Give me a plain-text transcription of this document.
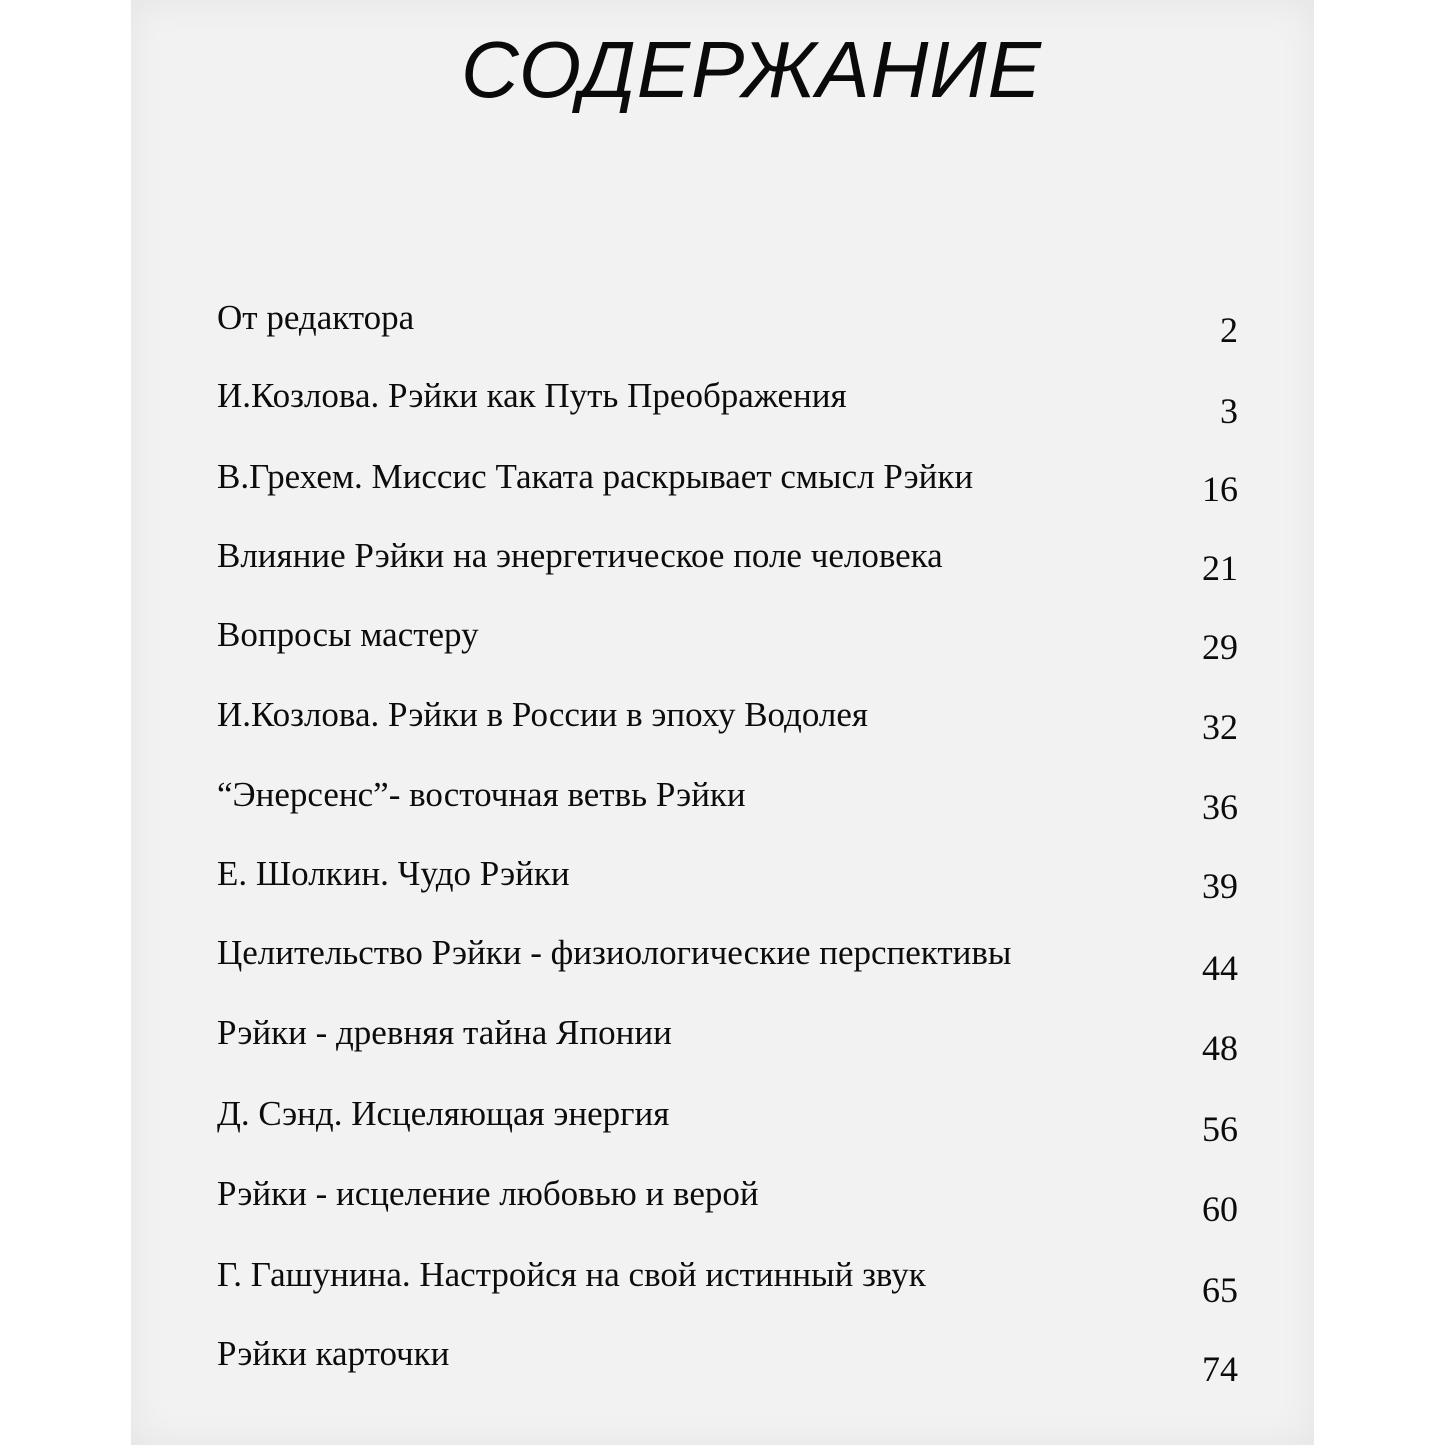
СОДЕРЖАНИЕ
От редактора	2
И.Козлова. Рэйки как Путь Преображения	3
В.Грехем. Миссис Таката раскрывает смысл Рэйки	16
Влияние Рэйки на энергетическое поле человека	21
Вопросы мастеру	29
И.Козлова. Рэйки в России в эпоху Водолея	32
“Энерсенс”- восточная ветвь Рэйки	36
Е. Шолкин. Чудо Рэйки	39
Целительство Рэйки - физиологические перспективы	44
Рэйки - древняя тайна Японии	48
Д. Сэнд. Исцеляющая энергия	56
Рэйки - исцеление любовью и верой	60
Г. Гашунина. Настройся на свой истинный звук	65
Рэйки карточки	74
